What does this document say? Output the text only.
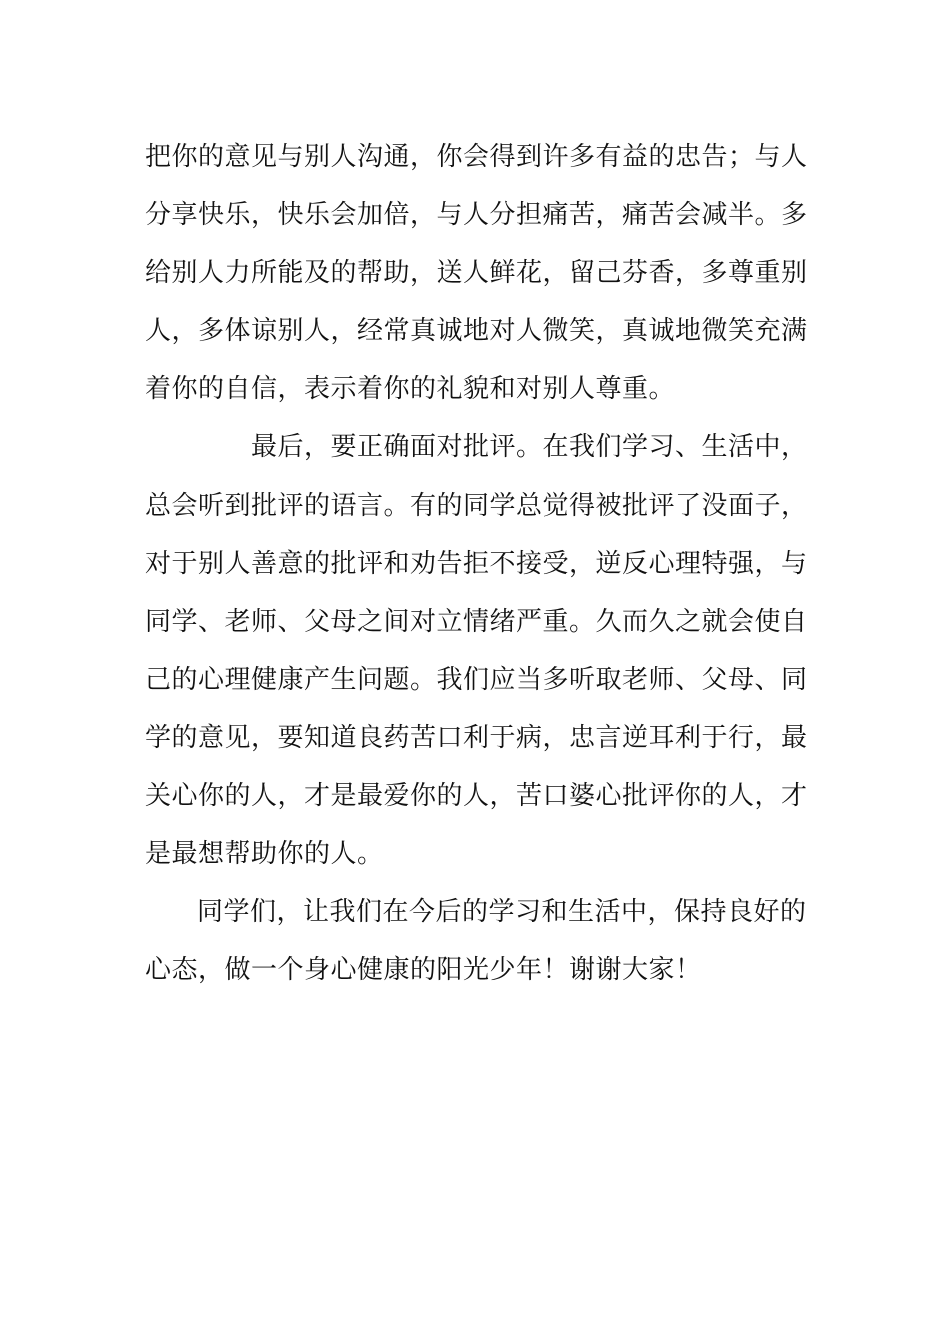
把你的意见与别人沟通，你会得到许多有益的忠告；与人
分享快乐，快乐会加倍，与人分担痛苦，痛苦会减半。多
给别人力所能及的帮助，送人鲜花，留己芬香，多尊重别
人，多体谅别人，经常真诚地对人微笑，真诚地微笑充满
着你的自信，表示着你的礼貌和对别人尊重。
最后，要正确面对批评。在我们学习、生活中，
总会听到批评的语言。有的同学总觉得被批评了没面子，
对于别人善意的批评和劝告拒不接受，逆反心理特强，与
同学、老师、父母之间对立情绪严重。久而久之就会使自
己的心理健康产生问题。我们应当多听取老师、父母、同
学的意见，要知道良药苦口利于病，忠言逆耳利于行，最
关心你的人，才是最爱你的人，苦口婆心批评你的人，才
是最想帮助你的人。
同学们，让我们在今后的学习和生活中，保持良好的
心态，做一个身心健康的阳光少年！谢谢大家！
